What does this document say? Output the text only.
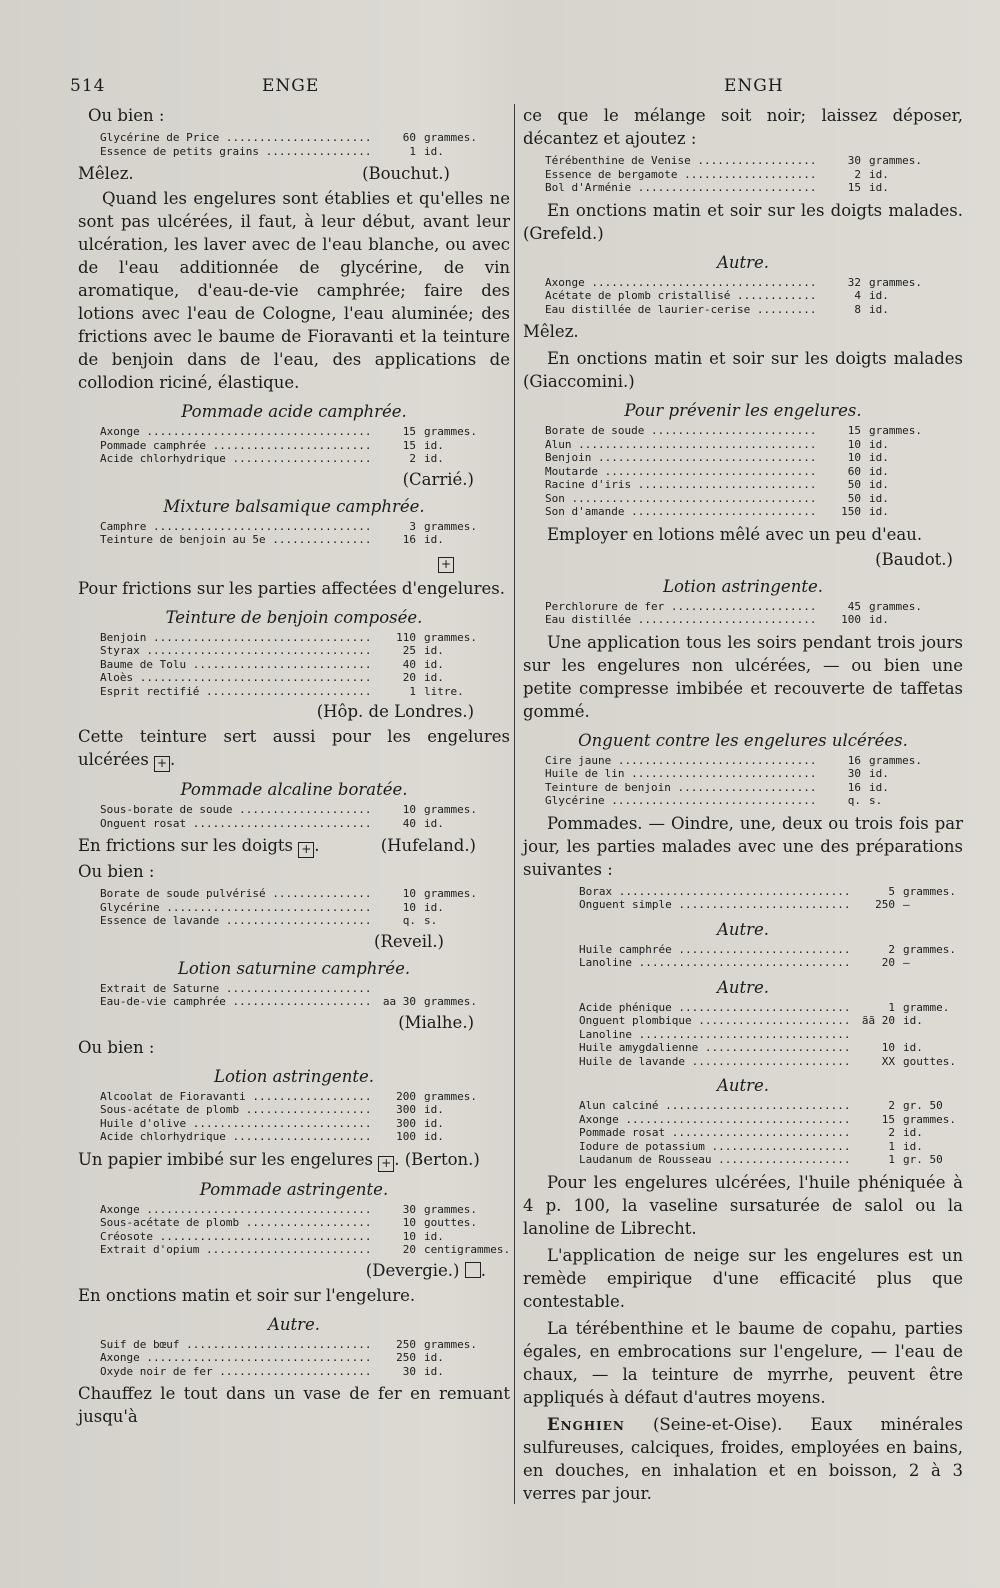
514	ENGE	ENGH

Ou bien :

Glycérine de Price .....	60 grammes.
Essence de petits grains .....	1 id.
Mêlez.	(Bouchut.)

Quand les engelures sont établies et qu'elles ne sont pas ulcérées, il faut, à leur début, avant leur ulcération, les laver avec de l'eau blanche, ou avec de l'eau additionnée de glycérine, de vin aromatique, d'eau-de-vie camphrée; faire des lotions avec l'eau de Cologne, l'eau aluminée; des frictions avec le baume de Fioravanti et la teinture de benjoin dans de l'eau, des applications de collodion riciné, élastique.

Pommade acide camphrée.
Axonge .....	15 grammes.
Pommade camphrée .....	15 id.
Acide chlorhydrique .....	2 id.
(Carrié.)
Mixture balsamique camphrée.
Camphre .....	3 grammes.
Teinture de benjoin au 5e .....	16 id.
+

Pour frictions sur les parties affectées d'engelures.

Teinture de benjoin composée.
Benjoin .....	110 grammes.
Styrax .....	25 id.
Baume de Tolu .....	40 id.
Aloès .....	20 id.
Esprit rectifié .....	1 litre.
(Hôp. de Londres.)

Cette teinture sert aussi pour les engelures ulcérées + .

Pommade alcaline boratée.
Sous-borate de soude .....	10 grammes.
Onguent rosat .....	40 id.
En frictions sur les doigts + .	(Hufeland.)

Ou bien :

Borate de soude pulvérisé .....	10 grammes.
Glycérine .....	10 id.
Essence de lavande .....	q. s.
(Reveil.)
Lotion saturnine camphrée.
Extrait de Saturne .....
Eau-de-vie camphrée .....	aa 30 grammes.
(Mialhe.)

Ou bien :

Lotion astringente.
Alcoolat de Fioravanti .....	200 grammes.
Sous-acétate de plomb .....	300 id.
Huile d'olive .....	300 id.
Acide chlorhydrique .....	100 id.

Un papier imbibé sur les engelures + . (Berton.)

Pommade astringente.
Axonge .....	30 grammes.
Sous-acétate de plomb .....	10 gouttes.
Créosote .....	10 id.
Extrait d'opium .....	20 centigrammes.
(Devergie.) .

En onctions matin et soir sur l'engelure.

Autre.
Suif de bœuf .....	250 grammes.
Axonge .....	250 id.
Oxyde noir de fer .....	30 id.

Chauffez le tout dans un vase de fer en remuant jusqu'à

ce que le mélange soit noir; laissez déposer, décantez et ajoutez :

Térébenthine de Venise .....	30 grammes.
Essence de bergamote .....	2 id.
Bol d'Arménie .....	15 id.

En onctions matin et soir sur les doigts malades. (Grefeld.)

Autre.
Axonge .....	32 grammes.
Acétate de plomb cristallisé .....	4 id.
Eau distillée de laurier-cerise .....	8 id.

Mêlez.

En onctions matin et soir sur les doigts malades (Giaccomini.)

Pour prévenir les engelures.
Borate de soude .....	15 grammes.
Alun .....	10 id.
Benjoin .....	10 id.
Moutarde .....	60 id.
Racine d'iris .....	50 id.
Son .....	50 id.
Son d'amande .....	150 id.

Employer en lotions mêlé avec un peu d'eau.

(Baudot.)
Lotion astringente.
Perchlorure de fer .....	45 grammes.
Eau distillée .....	100 id.

Une application tous les soirs pendant trois jours sur les engelures non ulcérées, — ou bien une petite compresse imbibée et recouverte de taffetas gommé.

Onguent contre les engelures ulcérées.
Cire jaune .....	16 grammes.
Huile de lin .....	30 id.
Teinture de benjoin .....	16 id.
Glycérine .....	q. s.

Pommades. — Oindre, une, deux ou trois fois par jour, les parties malades avec une des préparations suivantes :

Borax .....	5 grammes.
Onguent simple .....	250 —
Autre.
Huile camphrée .....	2 grammes.
Lanoline .....	20 —
Autre.
Acide phénique .....	1 gramme.
Onguent plombique .....	ãã 20 id.
Lanoline .....
Huile amygdalienne .....	10 id.
Huile de lavande .....	XX gouttes.
Autre.
Alun calciné .....	2 gr. 50
Axonge .....	15 grammes.
Pommade rosat .....	2 id.
Iodure de potassium .....	1 id.
Laudanum de Rousseau .....	1 gr. 50

Pour les engelures ulcérées, l'huile phéniquée à 4 p. 100, la vaseline sursaturée de salol ou la lanoline de Librecht.

L'application de neige sur les engelures est un remède empirique d'une efficacité plus que contestable.

La térébenthine et le baume de copahu, parties égales, en embrocations sur l'engelure, — l'eau de chaux, — la teinture de myrrhe, peuvent être appliqués à défaut d'autres moyens.

Enghien (Seine-et-Oise). Eaux minérales sulfureuses, calciques, froides, employées en bains, en douches, en inhalation et en boisson, 2 à 3 verres par jour.
